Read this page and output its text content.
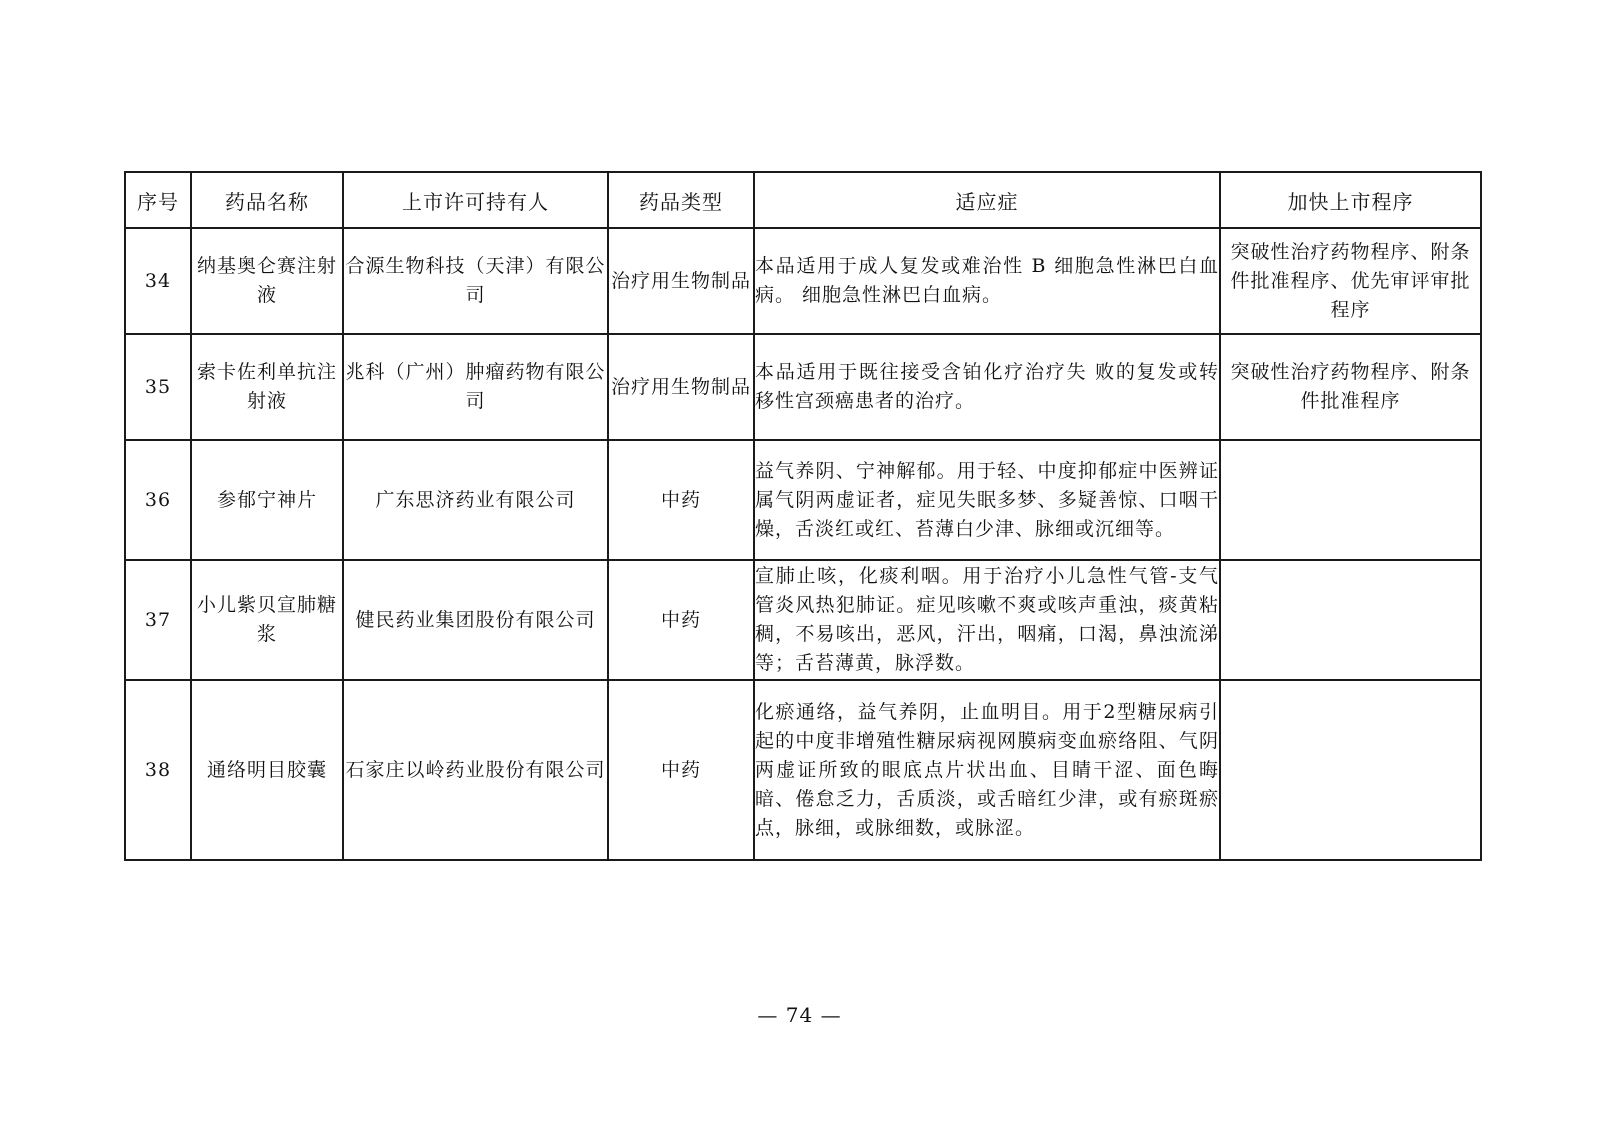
序号	药品名称	上市许可持有人	药品类型	适应症	加快上市程序
34	纳基奥仑赛注射液	合源生物科技（天津）有限公司	治疗用生物制品	本品适用于成人复发或难治性 B 细胞急性淋巴白血病。 细胞急性淋巴白血病。	突破性治疗药物程序、附条件批准程序、优先审评审批程序
35	索卡佐利单抗注射液	兆科（广州）肿瘤药物有限公司	治疗用生物制品	本品适用于既往接受含铂化疗治疗失 败的复发或转移性宫颈癌患者的治疗。	突破性治疗药物程序、附条件批准程序
36	参郁宁神片	广东思济药业有限公司	中药	益气养阴、宁神解郁。用于轻、中度抑郁症中医辨证属气阴两虚证者，症见失眠多梦、多疑善惊、口咽干燥，舌淡红或红、苔薄白少津、脉细或沉细等。	
37	小儿紫贝宣肺糖浆	健民药业集团股份有限公司	中药	宣肺止咳，化痰利咽。用于治疗小儿急性气管-支气管炎风热犯肺证。症见咳嗽不爽或咳声重浊，痰黄粘稠，不易咳出，恶风，汗出，咽痛，口渴，鼻浊流涕等；舌苔薄黄，脉浮数。	
38	通络明目胶囊	石家庄以岭药业股份有限公司	中药	化瘀通络，益气养阴，止血明目。用于2型糖尿病引起的中度非增殖性糖尿病视网膜病变血瘀络阻、气阴两虚证所致的眼底点片状出血、目睛干涩、面色晦暗、倦怠乏力，舌质淡，或舌暗红少津，或有瘀斑瘀点，脉细，或脉细数，或脉涩。	
— 74 —
